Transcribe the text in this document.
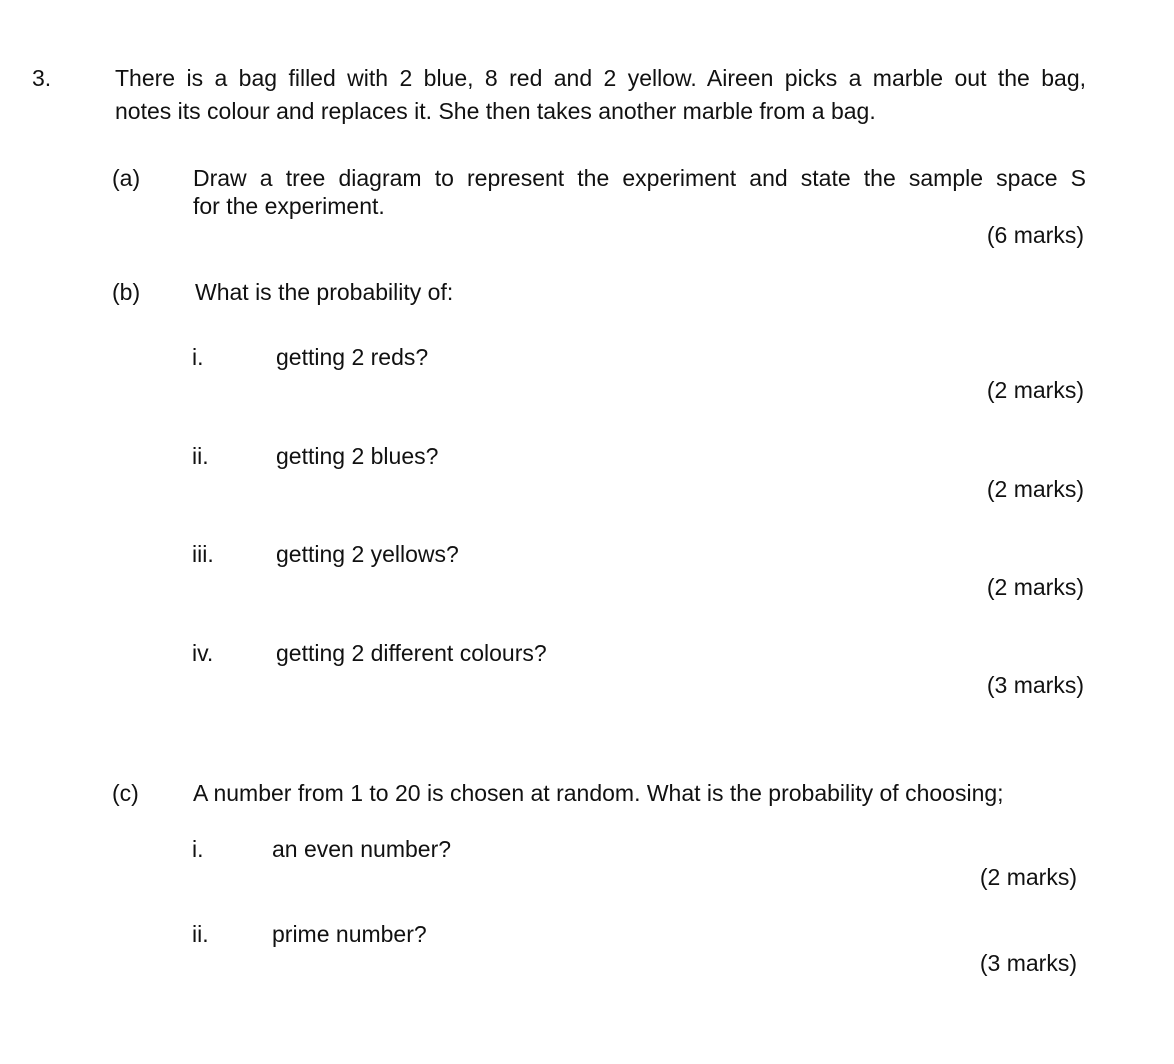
3.	There is a bag filled with 2 blue, 8 red and 2 yellow. Aireen picks a marble out the bag,
notes its colour and replaces it. She then takes another marble from a bag.
(a) Draw a tree diagram to represent the experiment and state the sample space S
for the experiment.
(6 marks)
(b) What is the probability of:
i.	getting 2 reds?
(2 marks)
ii.	getting 2 blues?
(2 marks)
iii.	getting 2 yellows?
(2 marks)
iv.	getting 2 different colours?
(3 marks)
(c) A number from 1 to 20 is chosen at random. What is the probability of choosing;
i.	an even number?
(2 marks)
ii.	prime number?
(3 marks)
